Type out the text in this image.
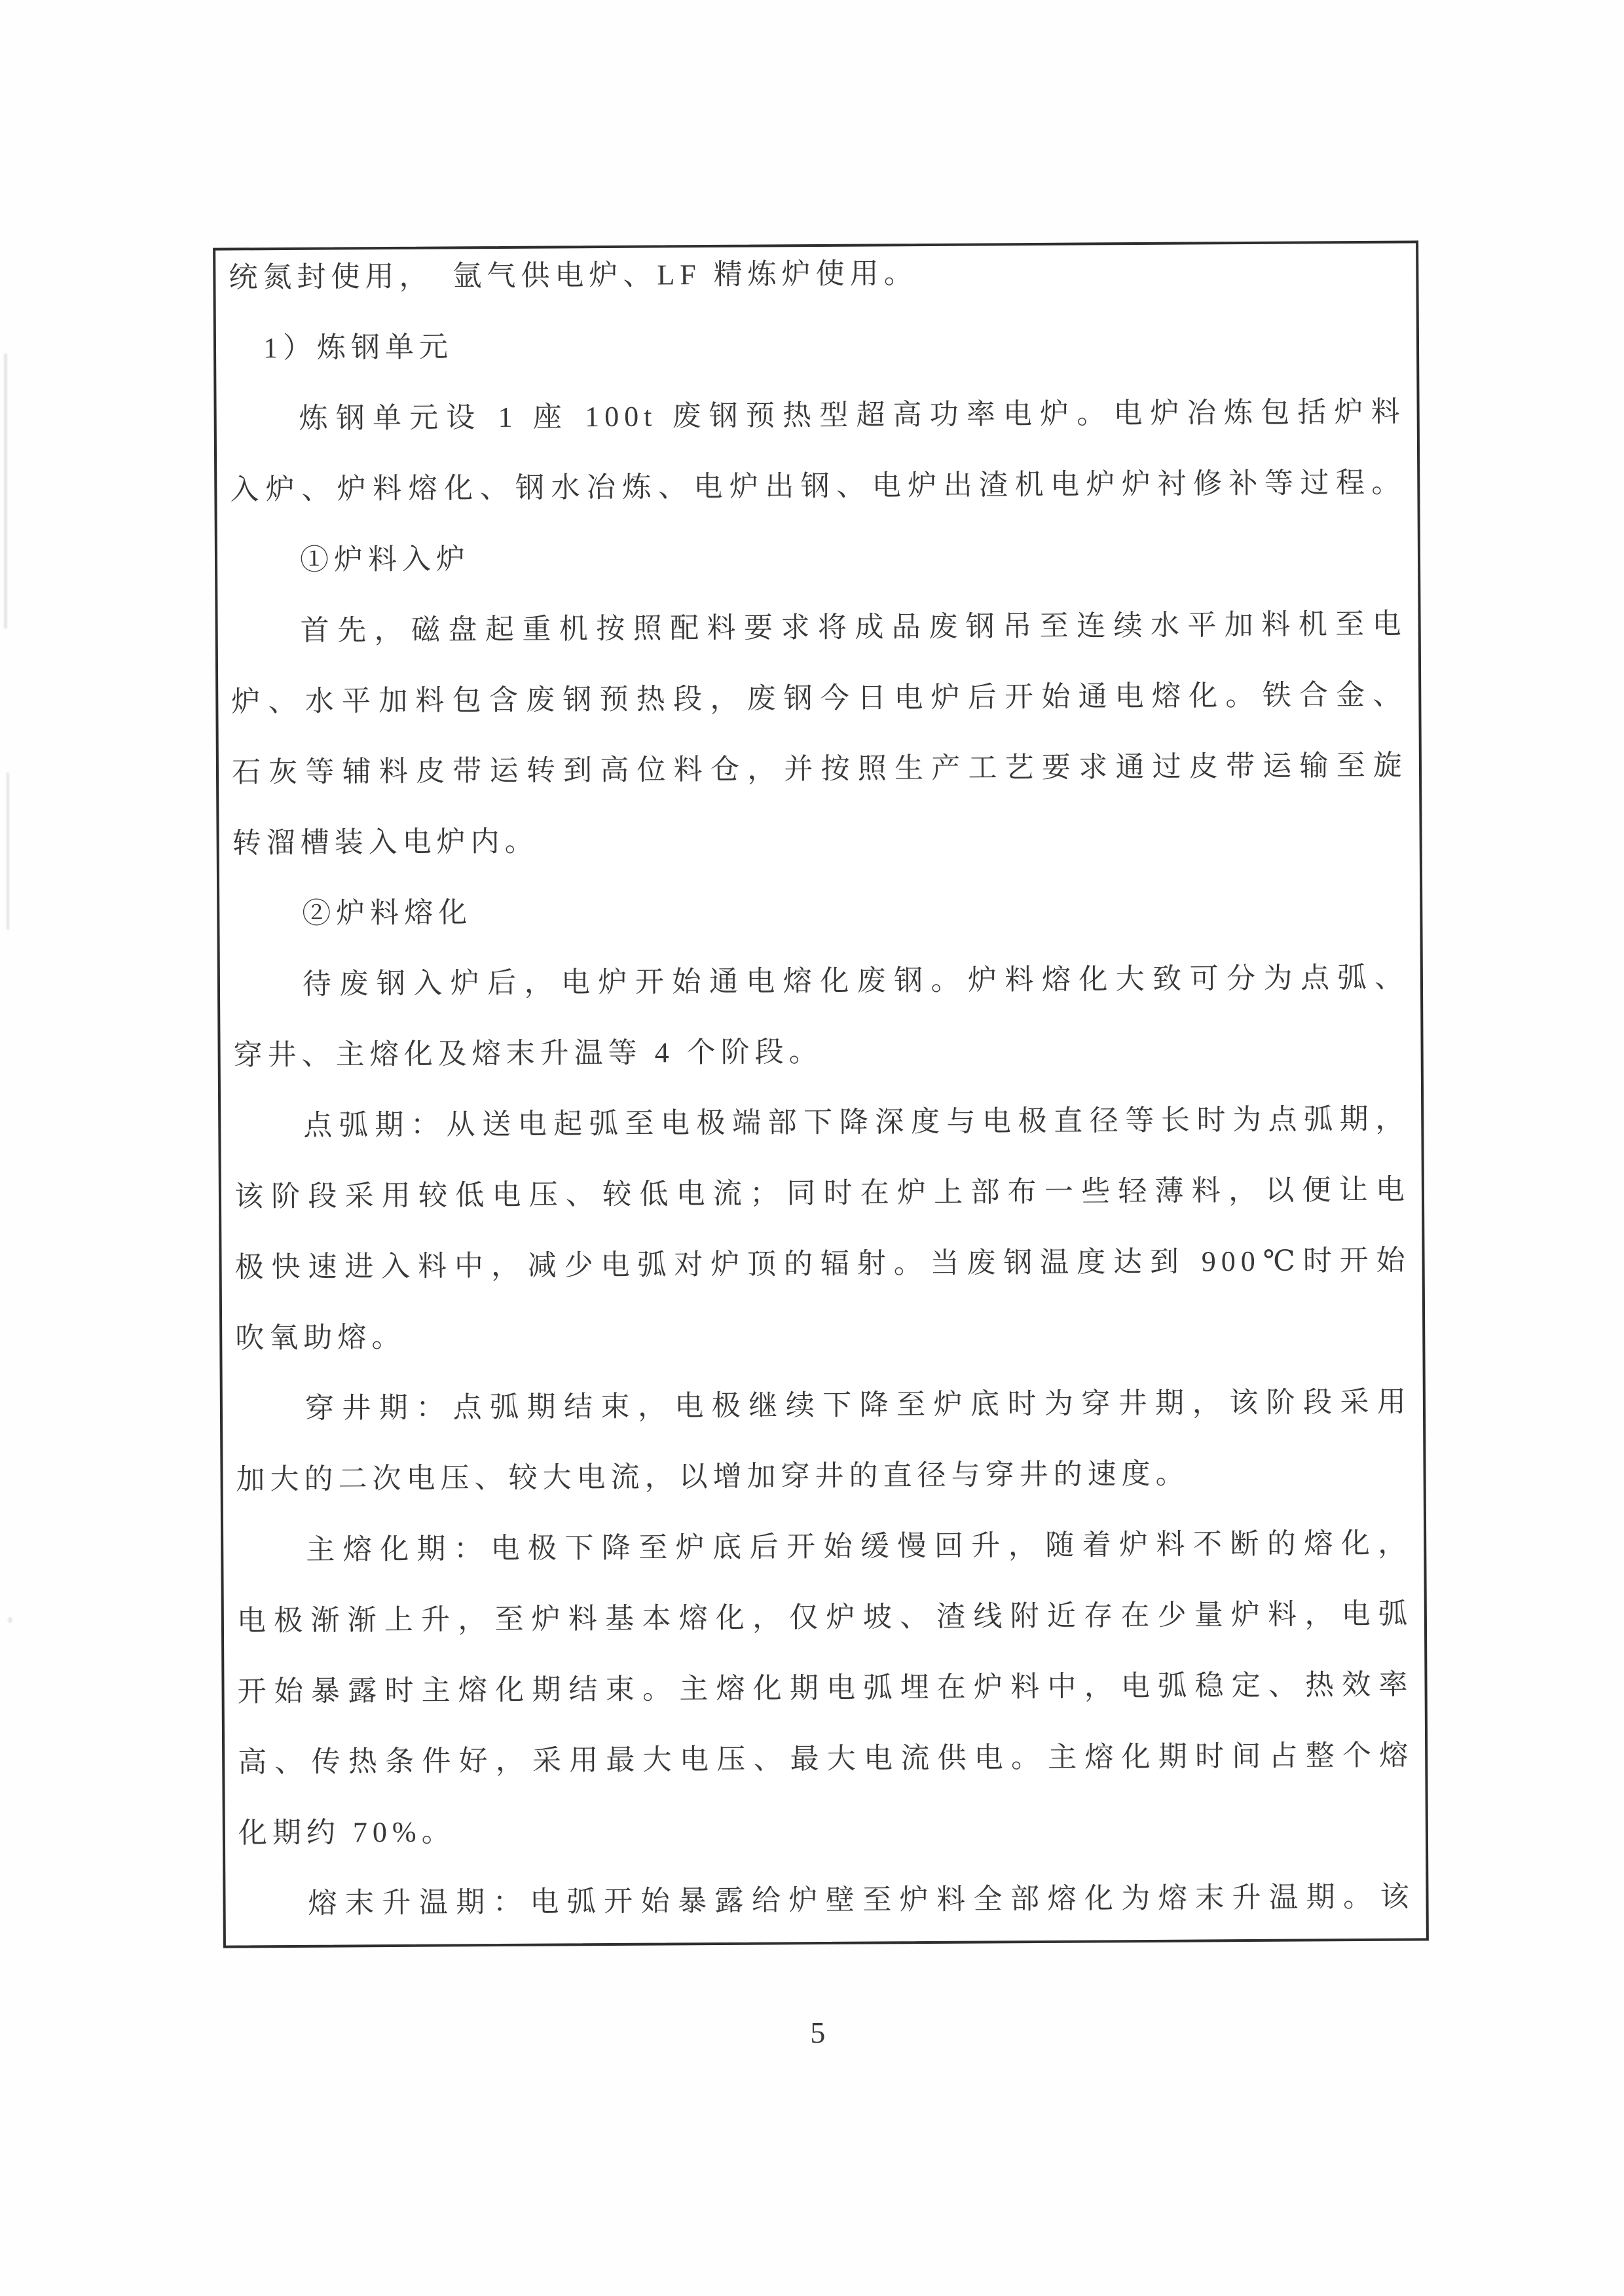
统氮封使用，　氩气供电炉、LF 精炼炉使用。

1）炼钢单元

炼钢单元设 1 座 100t 废钢预热型超高功率电炉。电炉冶炼包括炉料

入炉、炉料熔化、钢水冶炼、电炉出钢、电炉出渣机电炉炉衬修补等过程。

①炉料入炉

首先，磁盘起重机按照配料要求将成品废钢吊至连续水平加料机至电

炉、水平加料包含废钢预热段，废钢今日电炉后开始通电熔化。铁合金、

石灰等辅料皮带运转到高位料仓，并按照生产工艺要求通过皮带运输至旋

转溜槽装入电炉内。

②炉料熔化

待废钢入炉后，电炉开始通电熔化废钢。炉料熔化大致可分为点弧、

穿井、主熔化及熔末升温等 4 个阶段。

点弧期：从送电起弧至电极端部下降深度与电极直径等长时为点弧期，

该阶段采用较低电压、较低电流；同时在炉上部布一些轻薄料，以便让电

极快速进入料中，减少电弧对炉顶的辐射。当废钢温度达到 900℃时开始

吹氧助熔。

穿井期：点弧期结束，电极继续下降至炉底时为穿井期，该阶段采用

加大的二次电压、较大电流，以增加穿井的直径与穿井的速度。

主熔化期：电极下降至炉底后开始缓慢回升，随着炉料不断的熔化，

电极渐渐上升，至炉料基本熔化，仅炉坡、渣线附近存在少量炉料，电弧

开始暴露时主熔化期结束。主熔化期电弧埋在炉料中，电弧稳定、热效率

高、传热条件好，采用最大电压、最大电流供电。主熔化期时间占整个熔

化期约 70%。

熔末升温期：电弧开始暴露给炉壁至炉料全部熔化为熔末升温期。该

5
